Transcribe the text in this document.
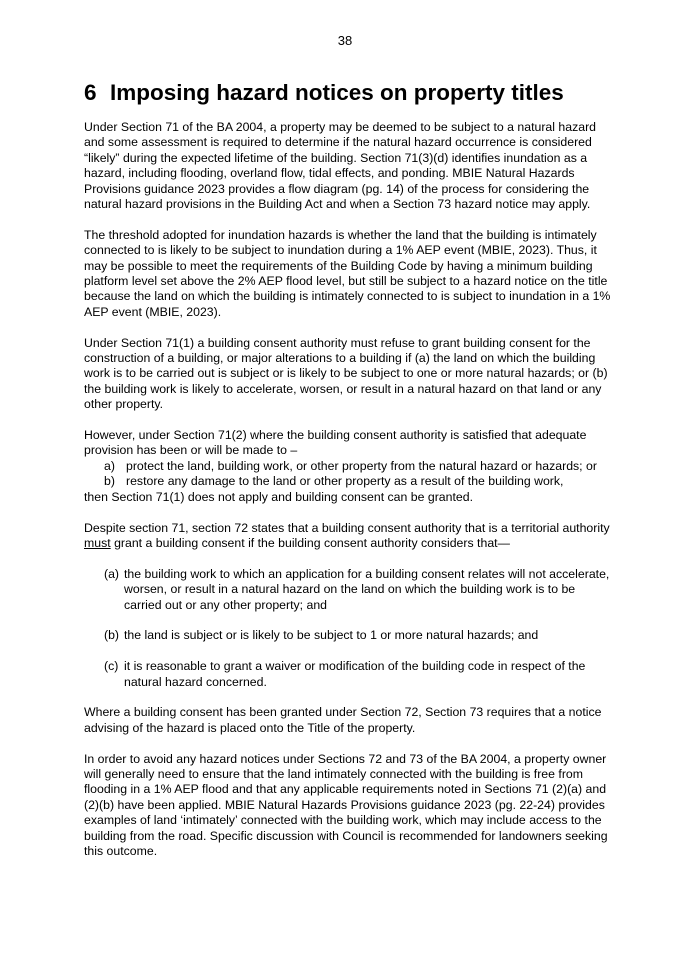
38
6 Imposing hazard notices on property titles

Under Section 71 of the BA 2004, a property may be deemed to be subject to a natural hazard and some assessment is required to determine if the natural hazard occurrence is considered “likely” during the expected lifetime of the building. Section 71(3)(d) identifies inundation as a hazard, including flooding, overland flow, tidal effects, and ponding. MBIE Natural Hazards Provisions guidance 2023 provides a flow diagram (pg. 14) of the process for considering the natural hazard provisions in the Building Act and when a Section 73 hazard notice may apply.

The threshold adopted for inundation hazards is whether the land that the building is intimately connected to is likely to be subject to inundation during a 1% AEP event (MBIE, 2023). Thus, it may be possible to meet the requirements of the Building Code by having a minimum building platform level set above the 2% AEP flood level, but still be subject to a hazard notice on the title because the land on which the building is intimately connected to is subject to inundation in a 1% AEP event (MBIE, 2023).

Under Section 71(1) a building consent authority must refuse to grant building consent for the construction of a building, or major alterations to a building if (a) the land on which the building work is to be carried out is subject or is likely to be subject to one or more natural hazards; or (b) the building work is likely to accelerate, worsen, or result in a natural hazard on that land or any other property.

However, under Section 71(2) where the building consent authority is satisfied that adequate provision has been or will be made to –

a) protect the land, building work, or other property from the natural hazard or hazards; or
b) restore any damage to the land or other property as a result of the building work,

then Section 71(1) does not apply and building consent can be granted.

Despite section 71, section 72 states that a building consent authority that is a territorial authority must grant a building consent if the building consent authority considers that—

(a) the building work to which an application for a building consent relates will not accelerate, worsen, or result in a natural hazard on the land on which the building work is to be carried out or any other property; and
(b) the land is subject or is likely to be subject to 1 or more natural hazards; and
(c) it is reasonable to grant a waiver or modification of the building code in respect of the natural hazard concerned.

Where a building consent has been granted under Section 72, Section 73 requires that a notice advising of the hazard is placed onto the Title of the property.

In order to avoid any hazard notices under Sections 72 and 73 of the BA 2004, a property owner will generally need to ensure that the land intimately connected with the building is free from flooding in a 1% AEP flood and that any applicable requirements noted in Sections 71 (2)(a) and (2)(b) have been applied. MBIE Natural Hazards Provisions guidance 2023 (pg. 22-24) provides examples of land ‘intimately’ connected with the building work, which may include access to the building from the road. Specific discussion with Council is recommended for landowners seeking this outcome.
